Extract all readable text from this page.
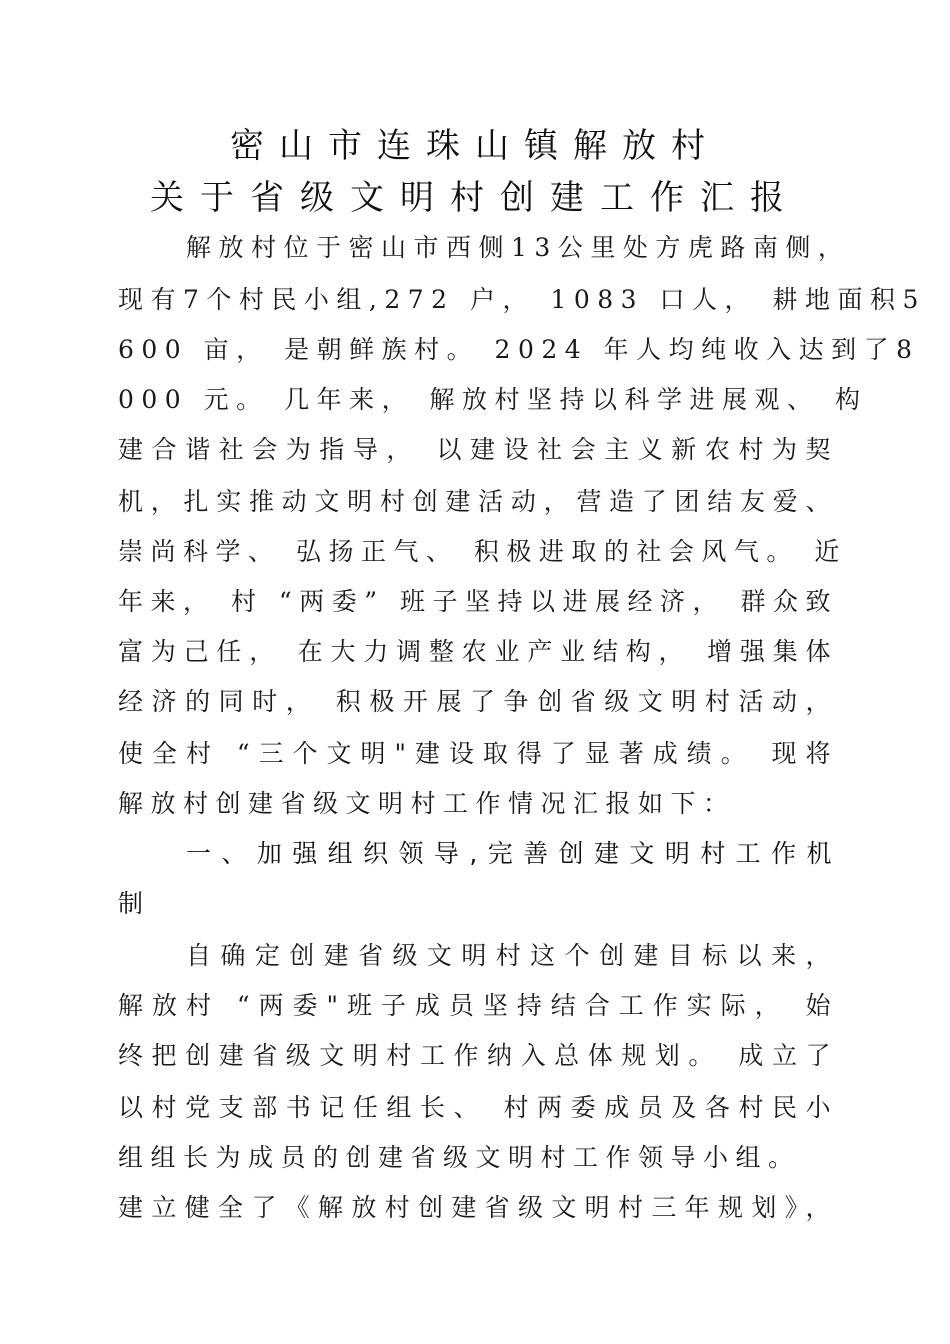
密山市连珠山镇解放村
关于省级文明村创建工作汇报
解放村位于密山市西侧13公里处方虎路南侧，
现有7个村民小组,272 户， 1083 口人， 耕地面积5
600 亩， 是朝鲜族村。 2024 年人均纯收入达到了8
000 元。 几年来， 解放村坚持以科学进展观、 构
建合谐社会为指导， 以建设社会主义新农村为契
机，扎实推动文明村创建活动，营造了团结友爱、
崇尚科学、 弘扬正气、 积极进取的社会风气。 近
年来， 村 “两委” 班子坚持以进展经济， 群众致
富为己任， 在大力调整农业产业结构， 增强集体
经济的同时， 积极开展了争创省级文明村活动，
使全村 “三个文明"建设取得了显著成绩。 现将
解放村创建省级文明村工作情况汇报如下：
一、加强组织领导,完善创建文明村工作机
制
自确定创建省级文明村这个创建目标以来，
解放村 “两委"班子成员坚持结合工作实际， 始
终把创建省级文明村工作纳入总体规划。 成立了
以村党支部书记任组长、 村两委成员及各村民小
组组长为成员的创建省级文明村工作领导小组。
建立健全了《解放村创建省级文明村三年规划》，
